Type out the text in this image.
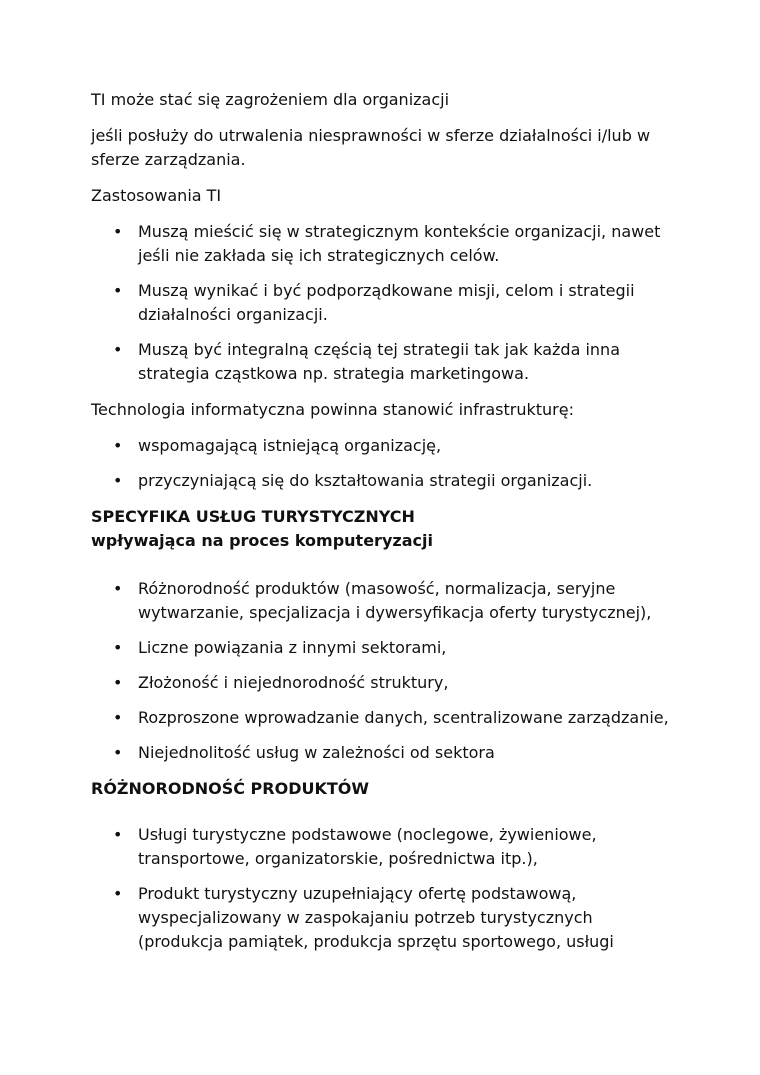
TI może stać się zagrożeniem dla organizacji

jeśli posłuży do utrwalenia niesprawności w sferze działalności i/lub w sferze zarządzania.

Zastosowania TI

• Muszą mieścić się w strategicznym kontekście organizacji, nawet jeśli nie zakłada się ich strategicznych celów.
• Muszą wynikać i być podporządkowane misji, celom i strategii działalności organizacji.
• Muszą być integralną częścią tej strategii tak jak każda inna strategia cząstkowa np. strategia marketingowa.

Technologia informatyczna powinna stanowić infrastrukturę:

• wspomagającą istniejącą organizację,
• przyczyniającą się do kształtowania strategii organizacji.
SPECYFIKA USŁUG TURYSTYCZNYCH
wpływająca na proces komputeryzacji
• Różnorodność produktów (masowość, normalizacja, seryjne wytwarzanie, specjalizacja i dywersyfikacja oferty turystycznej),
• Liczne powiązania z innymi sektorami,
• Złożoność i niejednorodność struktury,
• Rozproszone wprowadzanie danych, scentralizowane zarządzanie,
• Niejednolitość usług w zależności od sektora
RÓŻNORODNOŚĆ PRODUKTÓW
• Usługi turystyczne podstawowe (noclegowe, żywieniowe, transportowe, organizatorskie, pośrednictwa itp.),
• Produkt turystyczny uzupełniający ofertę podstawową, wyspecjalizowany w zaspokajaniu potrzeb turystycznych (produkcja pamiątek, produkcja sprzętu sportowego, usługi
